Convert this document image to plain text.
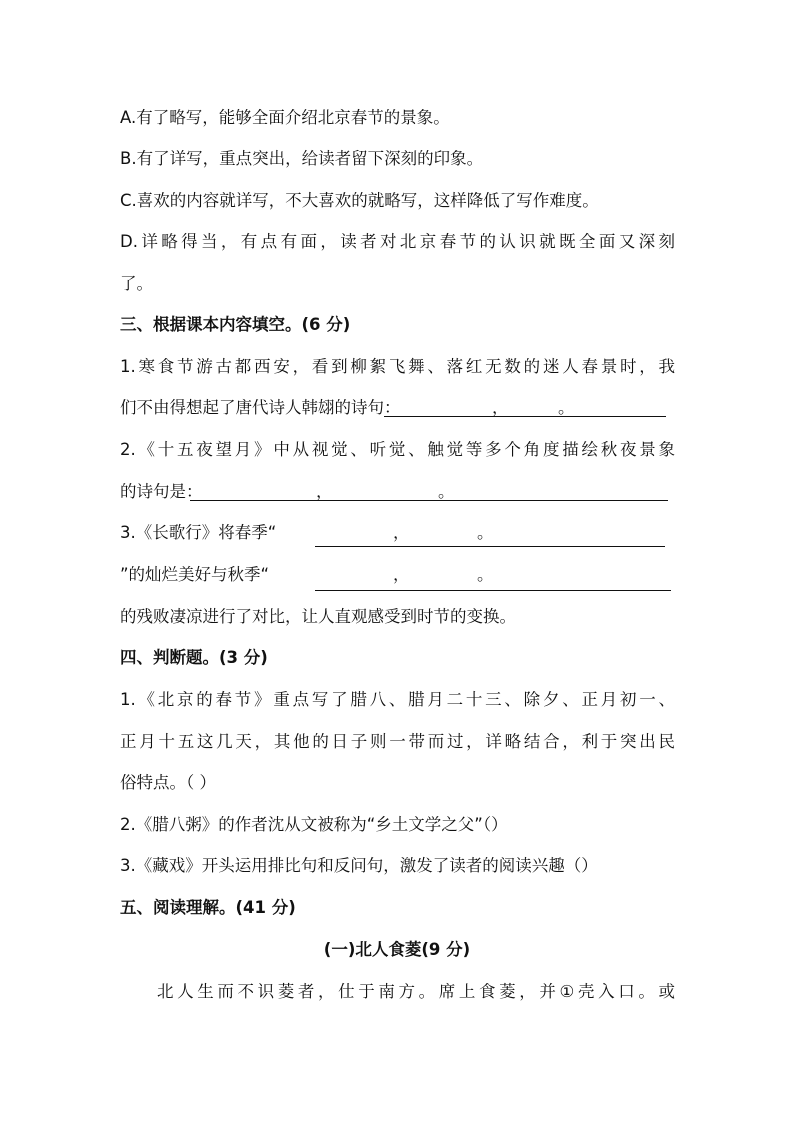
A.有了略写，能够全面介绍北京春节的景象。
B.有了详写，重点突出，给读者留下深刻的印象。
C.喜欢的内容就详写，不大喜欢的就略写，这样降低了写作难度。
D.详略得当，有点有面，读者对北京春节的认识就既全面又深刻
了。
三、根据课本内容填空。(6 分)
1.寒食节游古都西安，看到柳絮飞舞、落红无数的迷人春景时，我
们不由得想起了唐代诗人韩翃的诗句：	，	。
2.《十五夜望月》中从视觉、听觉、触觉等多个角度描绘秋夜景象
的诗句是：	，	。
3.《长歌行》将春季“	，	。
”的灿烂美好与秋季“	，	。
的残败凄凉进行了对比，让人直观感受到时节的变换。
四、判断题。(3 分)
1.《北京的春节》重点写了腊八、腊月二十三、除夕、正月初一、
正月十五这几天，其他的日子则一带而过，详略结合，利于突出民
俗特点。（ ）
2.《腊八粥》的作者沈从文被称为“乡土文学之父”（）
3.《藏戏》开头运用排比句和反问句，激发了读者的阅读兴趣（）
五、阅读理解。(41 分)
(一)北人食菱(9 分)
北人生而不识菱者，仕于南方。席上食菱，并①壳入口。或
